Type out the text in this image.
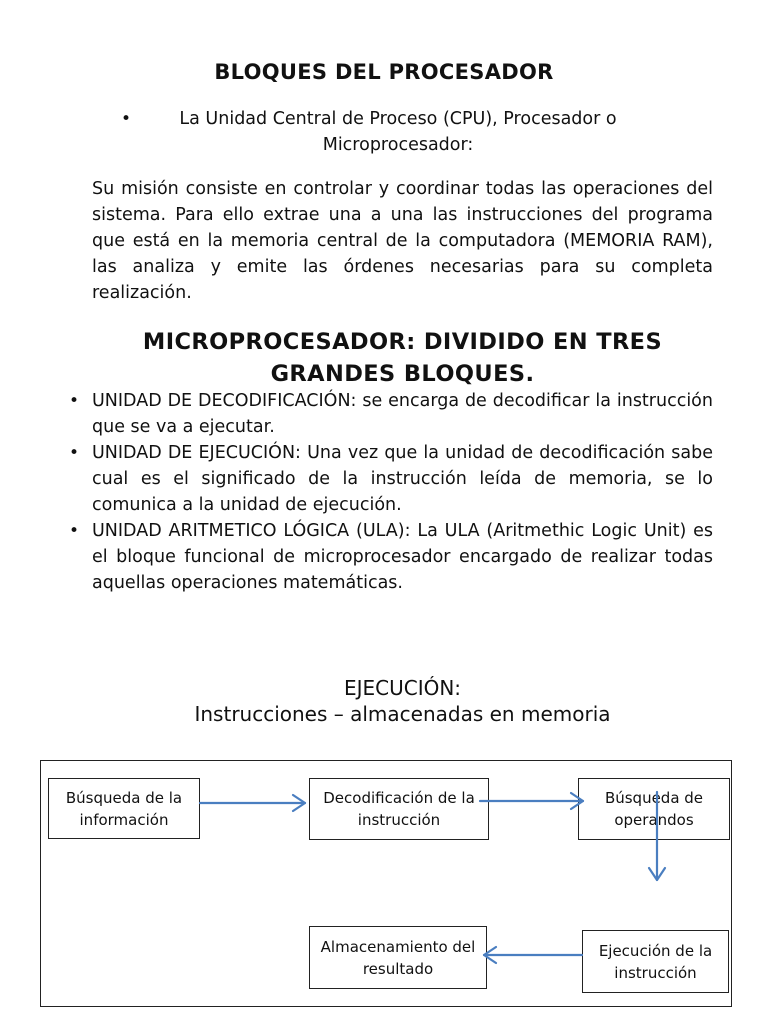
BLOQUES DEL PROCESADOR
•	La Unidad Central de Proceso (CPU), Procesador o Microprocesador:
Su misión consiste en controlar y coordinar todas las operaciones del sistema. Para ello extrae una a una las instrucciones del programa que está en la memoria central de la computadora (MEMORIA RAM), las analiza y emite las órdenes necesarias para su completa realización.
MICROPROCESADOR: DIVIDIDO EN TRES GRANDES BLOQUES.
• UNIDAD DE DECODIFICACIÓN: se encarga de decodificar la instrucción que se va a ejecutar.
• UNIDAD DE EJECUCIÓN: Una vez que la unidad de decodificación sabe cual es el significado de la instrucción leída de memoria, se lo comunica a la unidad de ejecución.
• UNIDAD ARITMETICO LÓGICA (ULA): La ULA (Aritmethic Logic Unit) es el bloque funcional de microprocesador encargado de realizar todas aquellas operaciones matemáticas.
EJECUCIÓN:
Instrucciones – almacenadas en memoria
Búsqueda de la información
Decodificación de la instrucción
Búsqueda de operandos
Ejecución de la instrucción
Almacenamiento del resultado
